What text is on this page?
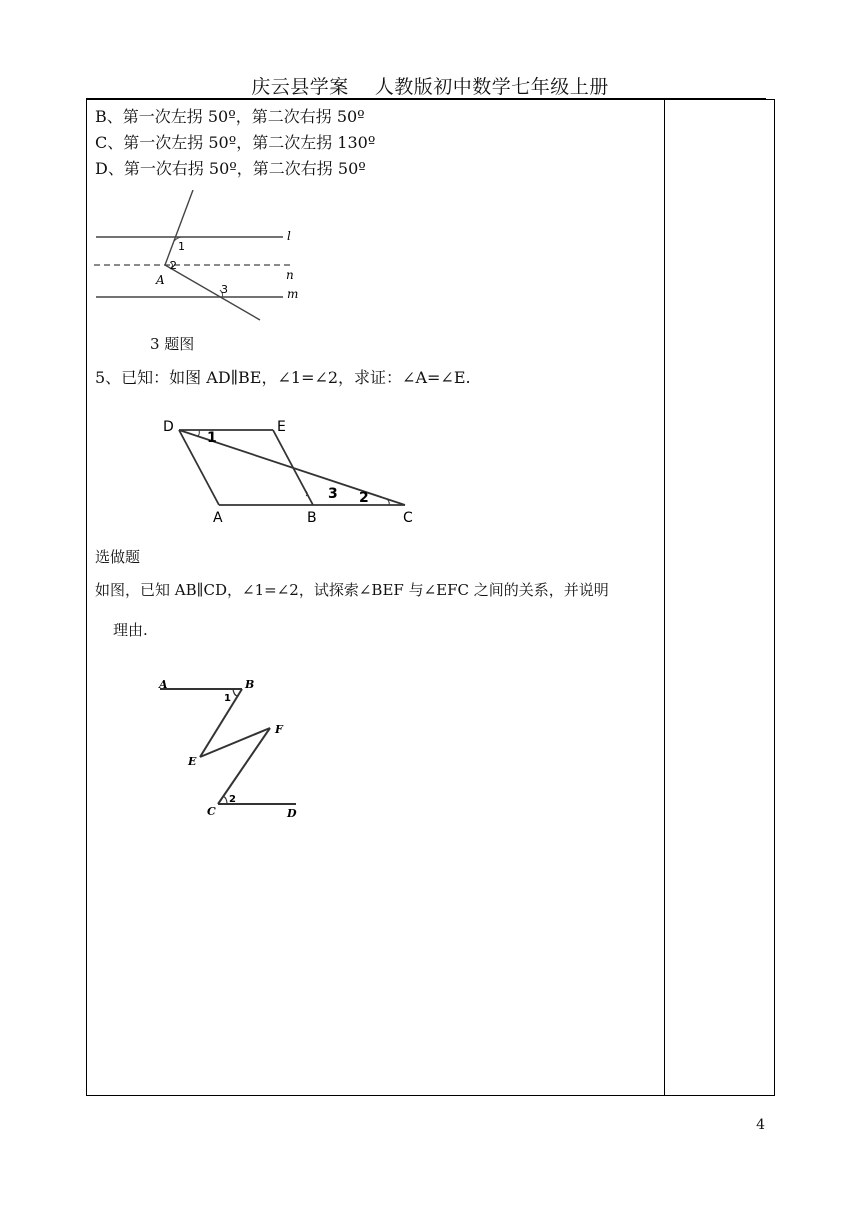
庆云县学案 人教版初中数学七年级上册
B、第一次左拐 50º，第二次右拐 50º
C、第一次左拐 50º，第二次左拐 130º
D、第一次右拐 50º，第二次右拐 50º
1
2
3
A
l
n
m
3 题图
5、已知：如图 AD∥BE，∠1=∠2，求证：∠A=∠E.
D	E
A	B	C
1
3 2
选做题
如图，已知 AB∥CD，∠1=∠2，试探索∠BEF 与∠EFC 之间的关系，并说明
理由.
A	B
F
E
C	D
1
2
4
